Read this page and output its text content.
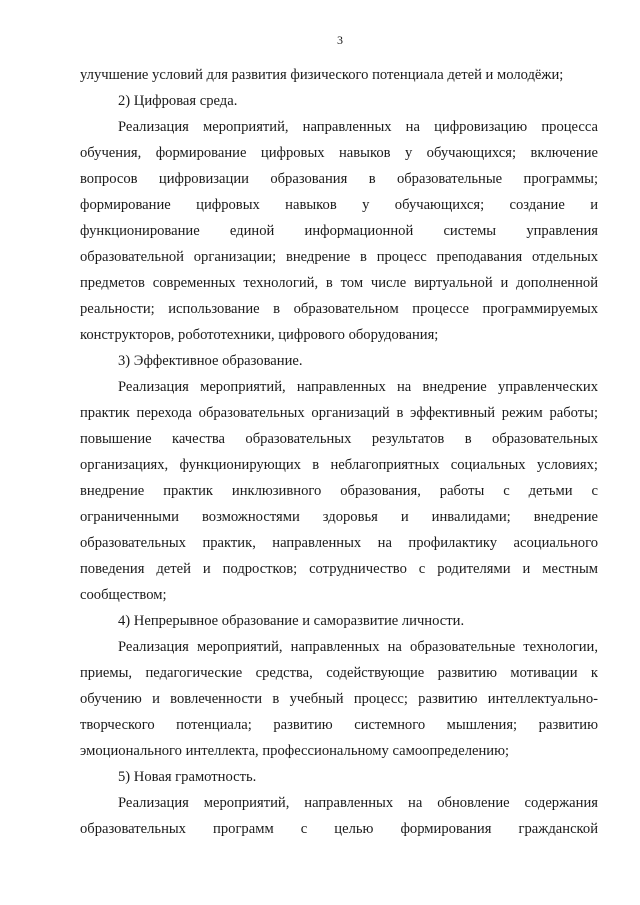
3
улучшение условий для развития физического потенциала детей и молодёжи;
2) Цифровая среда.
Реализация мероприятий, направленных на цифровизацию процесса
обучения, формирование цифровых навыков у обучающихся; включение
вопросов цифровизации образования в образовательные программы;
формирование цифровых навыков у обучающихся; создание и
функционирование единой информационной системы управления
образовательной организации; внедрение в процесс преподавания отдельных
предметов современных технологий, в том числе виртуальной и дополненной
реальности; использование в образовательном процессе программируемых
конструкторов, робототехники, цифрового оборудования;
3) Эффективное образование.
Реализация мероприятий, направленных на внедрение управленческих
практик перехода образовательных организаций в эффективный режим работы;
повышение качества образовательных результатов в образовательных
организациях, функционирующих в неблагоприятных социальных условиях;
внедрение практик инклюзивного образования, работы с детьми с
ограниченными возможностями здоровья и инвалидами; внедрение
образовательных практик, направленных на профилактику асоциального
поведения детей и подростков; сотрудничество с родителями и местным
сообществом;
4) Непрерывное образование и саморазвитие личности.
Реализация мероприятий, направленных на образовательные технологии,
приемы, педагогические средства, содействующие развитию мотивации к
обучению и вовлеченности в учебный процесс; развитию интеллектуально-
творческого потенциала; развитию системного мышления; развитию
эмоционального интеллекта, профессиональному самоопределению;
5) Новая грамотность.
Реализация мероприятий, направленных на обновление содержания
образовательных программ с целью формирования гражданской
